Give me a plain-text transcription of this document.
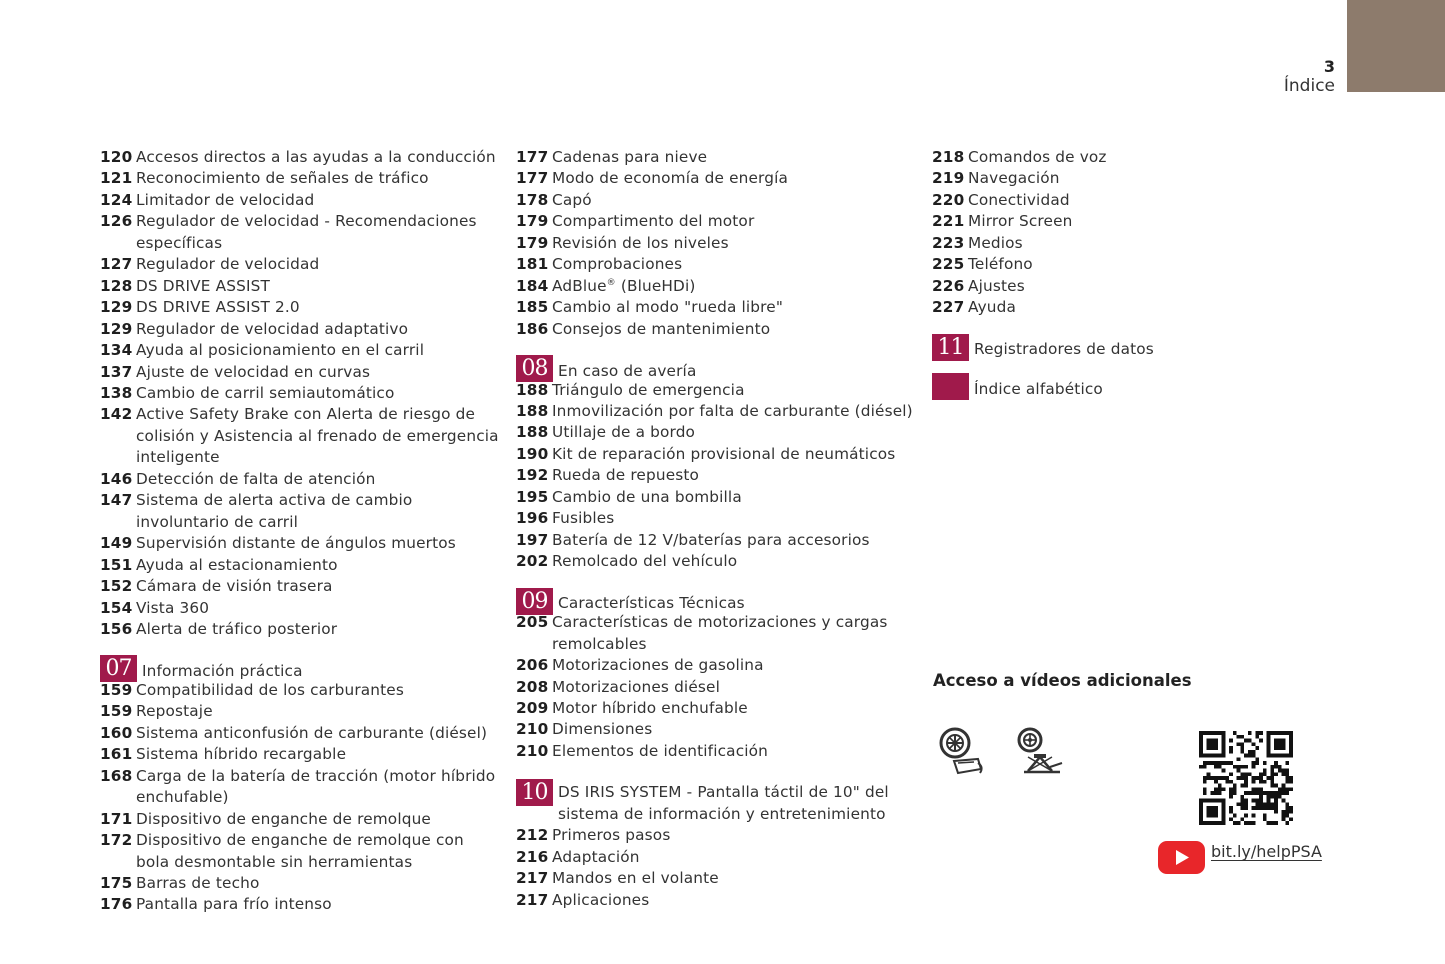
3
Índice
120 Accesos directos a las ayudas a la conducción
121 Reconocimiento de señales de tráfico
124 Limitador de velocidad
126 Regulador de velocidad - Recomendaciones específicas
127 Regulador de velocidad
128 DS DRIVE ASSIST
129 DS DRIVE ASSIST 2.0
129 Regulador de velocidad adaptativo
134 Ayuda al posicionamiento en el carril
137 Ajuste de velocidad en curvas
138 Cambio de carril semiautomático
142 Active Safety Brake con Alerta de riesgo de colisión y Asistencia al frenado de emergencia inteligente
146 Detección de falta de atención
147 Sistema de alerta activa de cambio involuntario de carril
149 Supervisión distante de ángulos muertos
151 Ayuda al estacionamiento
152 Cámara de visión trasera
154 Vista 360
156 Alerta de tráfico posterior
07 Información práctica
159 Compatibilidad de los carburantes
159 Repostaje
160 Sistema anticonfusión de carburante (diésel)
161 Sistema híbrido recargable
168 Carga de la batería de tracción (motor híbrido enchufable)
171 Dispositivo de enganche de remolque
172 Dispositivo de enganche de remolque con bola desmontable sin herramientas
175 Barras de techo
176 Pantalla para frío intenso
177 Cadenas para nieve
177 Modo de economía de energía
178 Capó
179 Compartimento del motor
179 Revisión de los niveles
181 Comprobaciones
184 AdBlue® (BlueHDi)
185 Cambio al modo "rueda libre"
186 Consejos de mantenimiento
08 En caso de avería
188 Triángulo de emergencia
188 Inmovilización por falta de carburante (diésel)
188 Utillaje de a bordo
190 Kit de reparación provisional de neumáticos
192 Rueda de repuesto
195 Cambio de una bombilla
196 Fusibles
197 Batería de 12 V/baterías para accesorios
202 Remolcado del vehículo
09 Características Técnicas
205 Características de motorizaciones y cargas remolcables
206 Motorizaciones de gasolina
208 Motorizaciones diésel
209 Motor híbrido enchufable
210 Dimensiones
210 Elementos de identificación
10 DS IRIS SYSTEM - Pantalla táctil de 10" del sistema de información y entretenimiento
212 Primeros pasos
216 Adaptación
217 Mandos en el volante
217 Aplicaciones
218 Comandos de voz
219 Navegación
220 Conectividad
221 Mirror Screen
223 Medios
225 Teléfono
226 Ajustes
227 Ayuda
11 Registradores de datos
Índice alfabético
Acceso a vídeos adicionales
bit.ly/helpPSA
